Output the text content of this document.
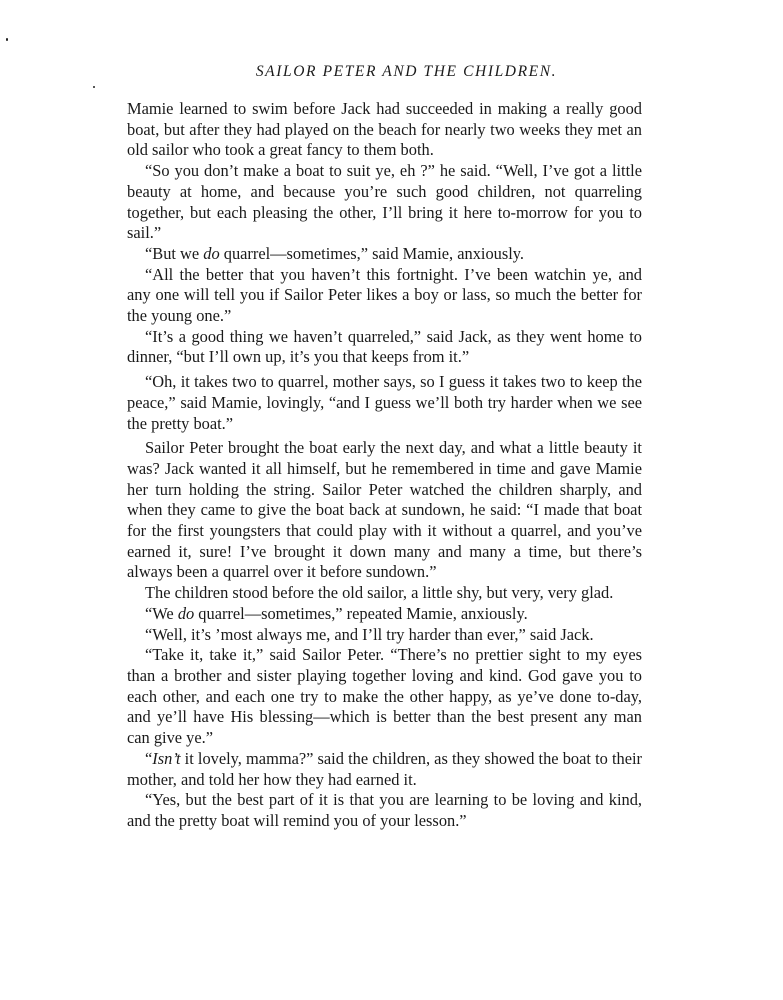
SAILOR PETER AND THE CHILDREN.

Mamie learned to swim before Jack had succeeded in making a really good boat, but after they had played on the beach for nearly two weeks they met an old sailor who took a great fancy to them both.

“So you don’t make a boat to suit ye, eh ?” he said. “Well, I’ve got a little beauty at home, and because you’re such good children, not quarreling together, but each pleasing the other, I’ll bring it here to-morrow for you to sail.”

“But we do quarrel—sometimes,” said Mamie, anxiously.

“All the better that you haven’t this fortnight. I’ve been watchin ye, and any one will tell you if Sailor Peter likes a boy or lass, so much the better for the young one.”

“It’s a good thing we haven’t quarreled,” said Jack, as they went home to dinner, “but I’ll own up, it’s you that keeps from it.”

“Oh, it takes two to quarrel, mother says, so I guess it takes two to keep the peace,” said Mamie, lovingly, “and I guess we’ll both try harder when we see the pretty boat.”

Sailor Peter brought the boat early the next day, and what a little beauty it was? Jack wanted it all himself, but he remembered in time and gave Mamie her turn holding the string. Sailor Peter watched the children sharply, and when they came to give the boat back at sundown, he said: “I made that boat for the first youngsters that could play with it without a quarrel, and you’ve earned it, sure! I’ve brought it down many and many a time, but there’s always been a quarrel over it before sundown.”

The children stood before the old sailor, a little shy, but very, very glad.

“We do quarrel—sometimes,” repeated Mamie, anxiously.

“Well, it’s ’most always me, and I’ll try harder than ever,” said Jack.

“Take it, take it,” said Sailor Peter. “There’s no prettier sight to my eyes than a brother and sister playing together loving and kind. God gave you to each other, and each one try to make the other happy, as ye’ve done to-day, and ye’ll have His blessing—which is better than the best present any man can give ye.”

“Isn’t it lovely, mamma?” said the children, as they showed the boat to their mother, and told her how they had earned it.

“Yes, but the best part of it is that you are learning to be loving and kind, and the pretty boat will remind you of your lesson.”
